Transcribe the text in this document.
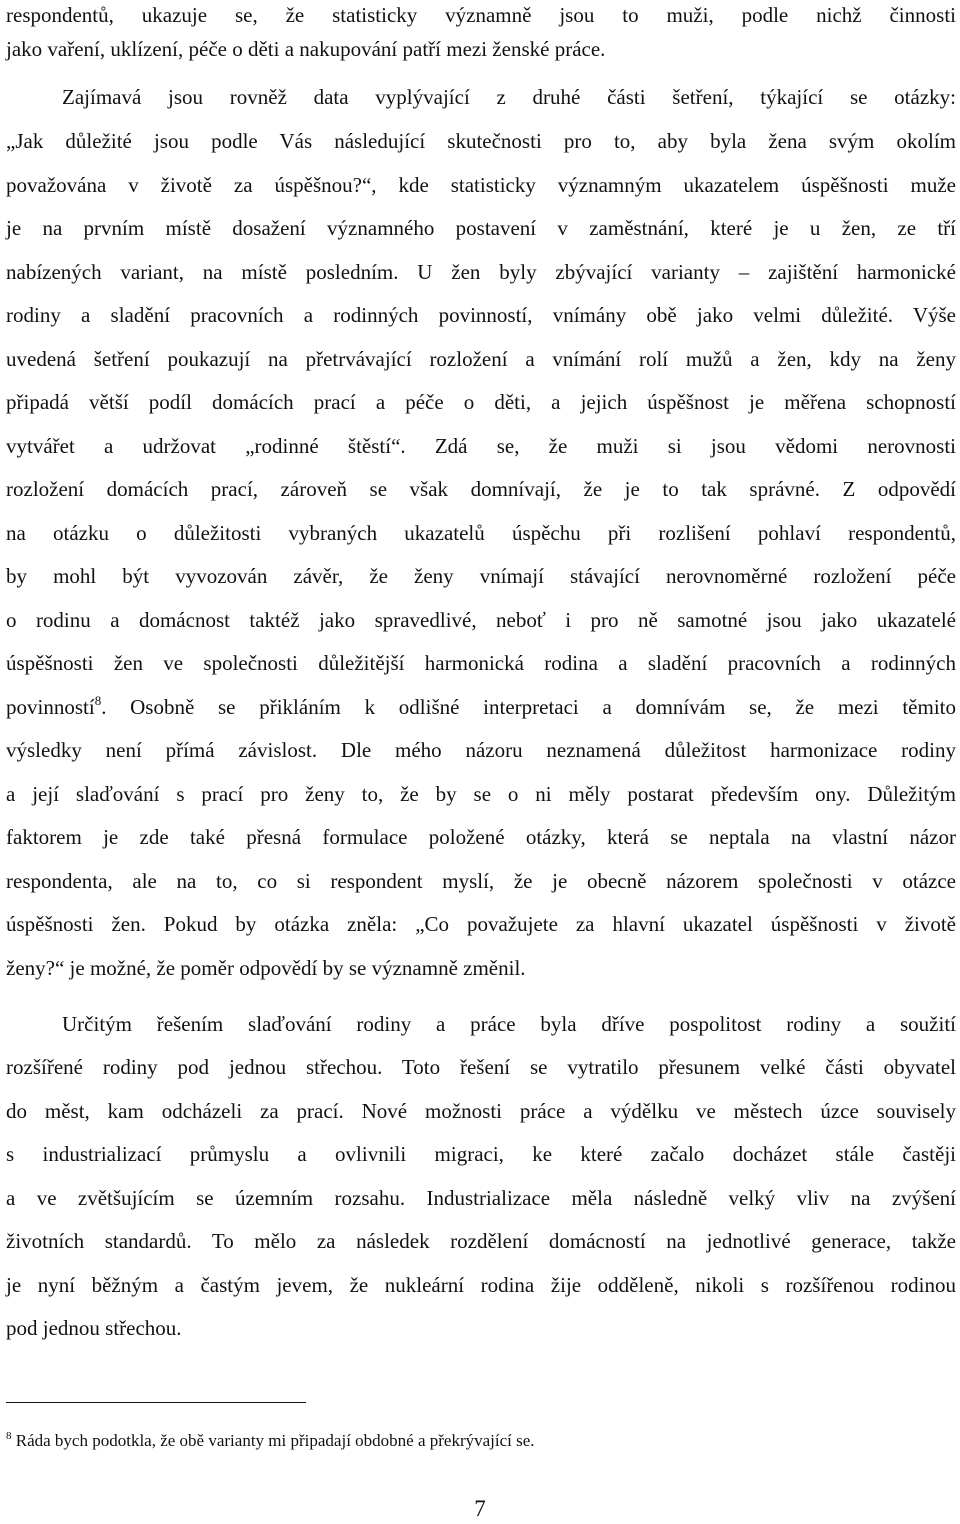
respondentů, ukazuje se, že statisticky významně jsou to muži, podle nichž činnosti
jako vaření, uklízení, péče o děti a nakupování patří mezi ženské práce.
Zajímavá jsou rovněž data vyplývající z druhé části šetření, týkající se otázky:
„Jak důležité jsou podle Vás následující skutečnosti pro to, aby byla žena svým okolím
považována v životě za úspěšnou?“, kde statisticky významným ukazatelem úspěšnosti muže
je na prvním místě dosažení významného postavení v zaměstnání, které je u žen, ze tří
nabízených variant, na místě posledním. U žen byly zbývající varianty – zajištění harmonické
rodiny a sladění pracovních a rodinných povinností, vnímány obě jako velmi důležité. Výše
uvedená šetření poukazují na přetrvávající rozložení a vnímání rolí mužů a žen, kdy na ženy
připadá větší podíl domácích prací a péče o děti, a jejich úspěšnost je měřena schopností
vytvářet a udržovat „rodinné štěstí“. Zdá se, že muži si jsou vědomi nerovnosti
rozložení domácích prací, zároveň se však domnívají, že je to tak správné. Z odpovědí
na otázku o důležitosti vybraných ukazatelů úspěchu při rozlišení pohlaví respondentů,
by mohl být vyvozován závěr, že ženy vnímají stávající nerovnoměrné rozložení péče
o rodinu a domácnost taktéž jako spravedlivé, neboť i pro ně samotné jsou jako ukazatelé
úspěšnosti žen ve společnosti důležitější harmonická rodina a sladění pracovních a rodinných
povinností$^8$. Osobně se přikláním k odlišné interpretaci a domnívám se, že mezi těmito
výsledky není přímá závislost. Dle mého názoru neznamená důležitost harmonizace rodiny
a její slaďování s prací pro ženy to, že by se o ni měly postarat především ony. Důležitým
faktorem je zde také přesná formulace položené otázky, která se neptala na vlastní názor
respondenta, ale na to, co si respondent myslí, že je obecně názorem společnosti v otázce
úspěšnosti žen. Pokud by otázka zněla: „Co považujete za hlavní ukazatel úspěšnosti v životě
ženy?“ je možné, že poměr odpovědí by se významně změnil.
Určitým řešením slaďování rodiny a práce byla dříve pospolitost rodiny a soužití
rozšířené rodiny pod jednou střechou. Toto řešení se vytratilo přesunem velké části obyvatel
do měst, kam odcházeli za prací. Nové možnosti práce a výdělku ve městech úzce souvisely
s industrializací průmyslu a ovlivnili migraci, ke které začalo docházet stále častěji
a ve zvětšujícím se územním rozsahu. Industrializace měla následně velký vliv na zvýšení
životních standardů. To mělo za následek rozdělení domácností na jednotlivé generace, takže
je nyní běžným a častým jevem, že nukleární rodina žije odděleně, nikoli s rozšířenou rodinou
pod jednou střechou.
$^8$ Ráda bych podotkla, že obě varianty mi připadají obdobné a překrývající se.
7
